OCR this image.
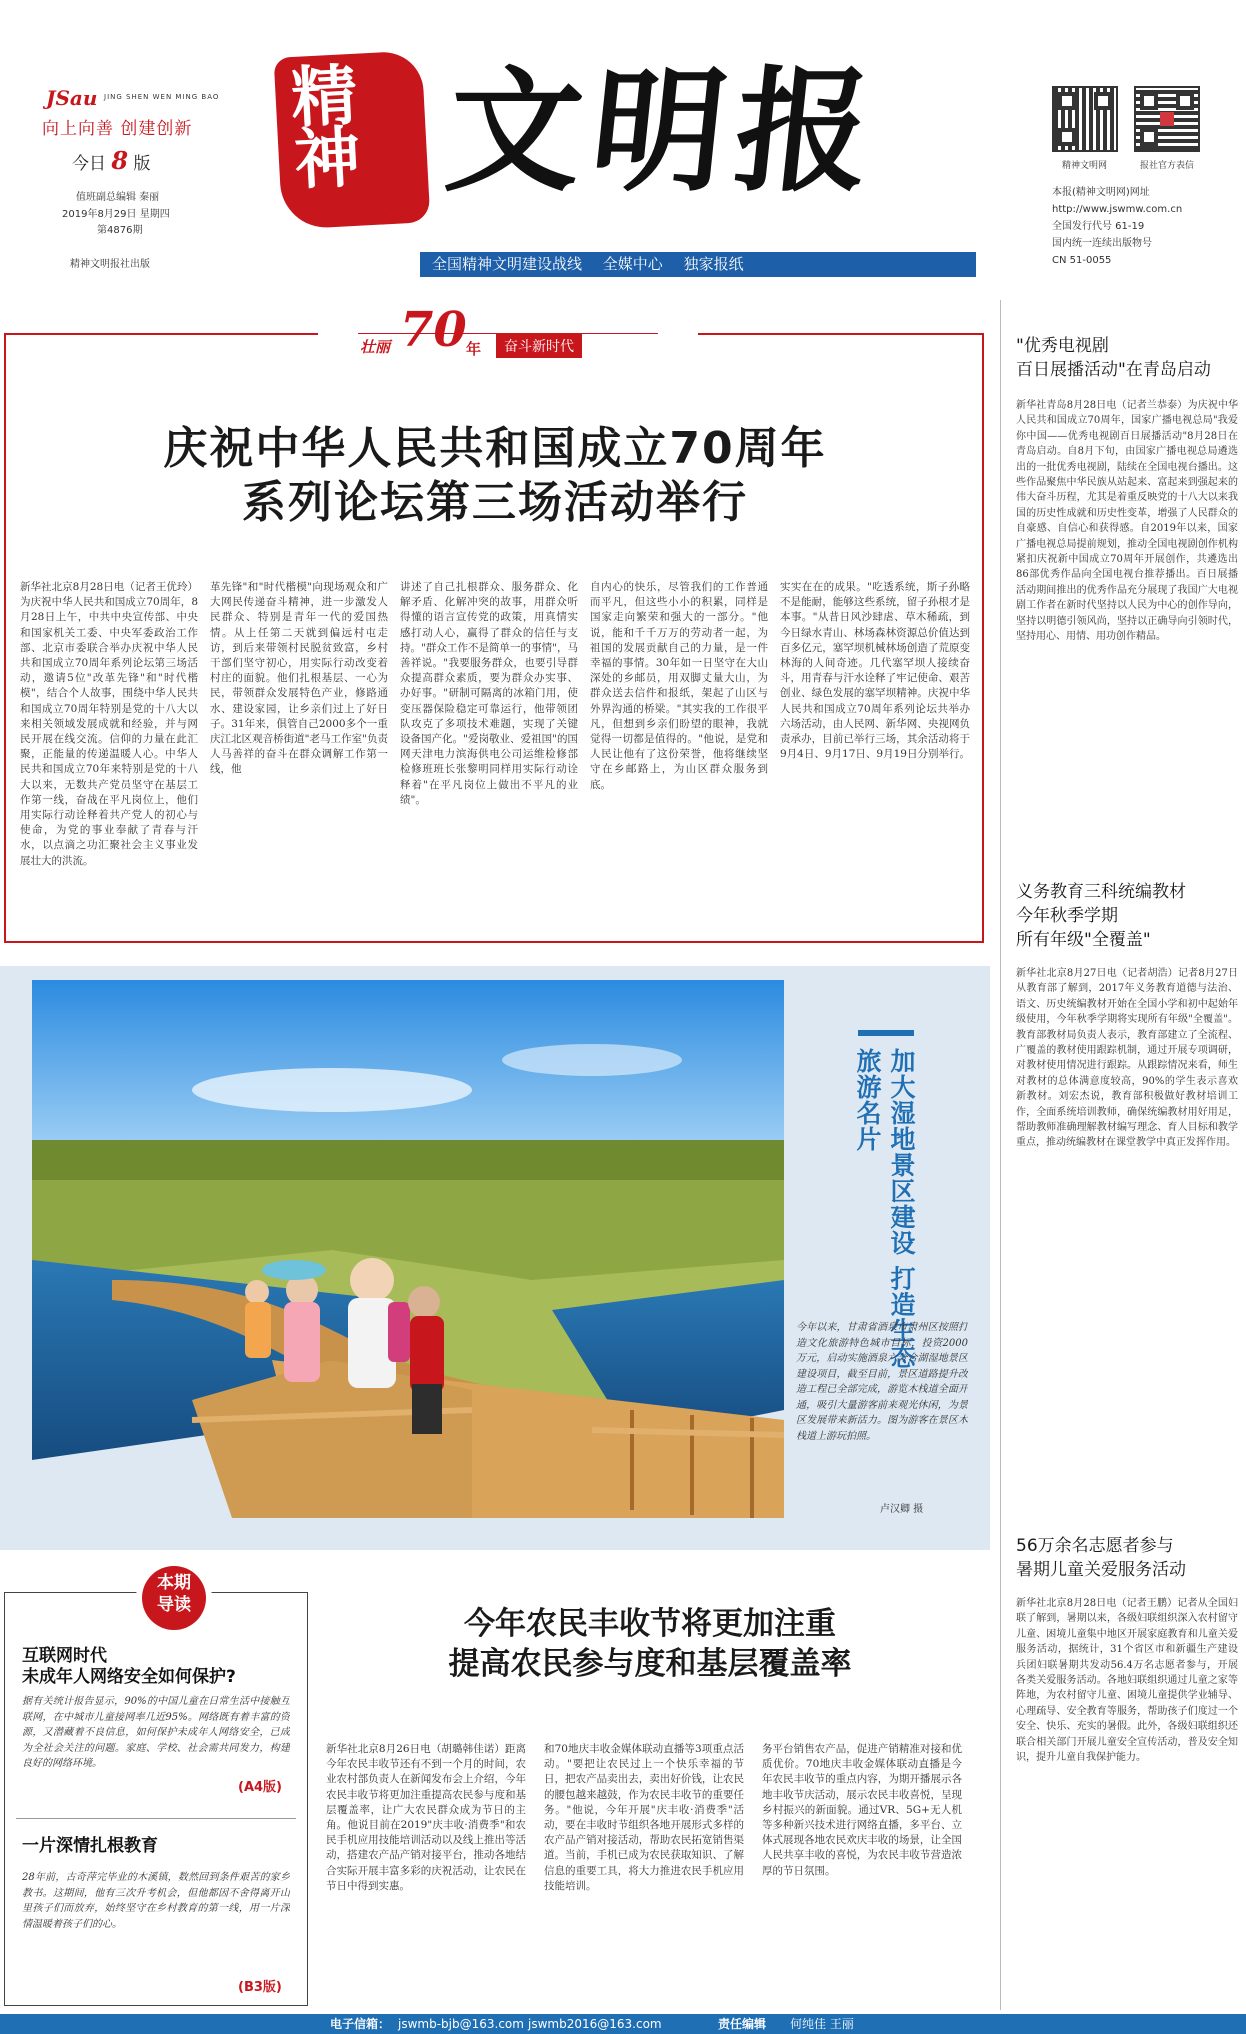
JSau JING SHEN WEN MING BAO
向上向善 创建创新
今日 8 版
值班副总编辑 秦丽
2019年8月29日 星期四
第4876期
精神文明报社出版
精神 文明报	精神文明网	报社官方表信
本报(精神文明网)网址
http://www.jswmw.com.cn
全国发行代号 61-19
国内统一连续出版物号
CN 51-0055
全国精神文明建设战线 全媒中心 独家报纸
壮丽 70 年	奋斗新时代
庆祝中华人民共和国成立70周年
系列论坛第三场活动举行
新华社北京8月28日电（记者王优玲）为庆祝中华人民共和国成立70周年，8月28日上午，中共中央宣传部、中央和国家机关工委、中央军委政治工作部、北京市委联合举办庆祝中华人民共和国成立70周年系列论坛第三场活动，邀请5位"改革先锋"和"时代楷模"，结合个人故事，围绕中华人民共和国成立70周年特别是党的十八大以来相关领域发展成就和经验，并与网民开展在线交流。信仰的力量在此汇聚，正能量的传递温暖人心。中华人民共和国成立70年来特别是党的十八大以来，无数共产党员坚守在基层工作第一线，奋战在平凡岗位上，他们用实际行动诠释着共产党人的初心与使命，为党的事业奉献了青春与汗水，以点滴之功汇聚社会主义事业发展壮大的洪流。
革先锋"和"时代楷模"向现场观众和广大网民传递奋斗精神，进一步激发人民群众、特别是青年一代的爱国热情。从上任第二天就到偏远村屯走访，到后来带领村民脱贫致富，乡村干部们坚守初心，用实际行动改变着村庄的面貌。他们扎根基层、一心为民，带领群众发展特色产业，修路通水、建设家园，让乡亲们过上了好日子。31年来，俱管自己2000多个一重庆江北区观音桥街道"老马工作室"负责人马善祥的奋斗在群众调解工作第一线，他
讲述了自己扎根群众、服务群众、化解矛盾、化解冲突的故事，用群众听得懂的语言宣传党的政策，用真情实感打动人心，赢得了群众的信任与支持。"群众工作不是简单一的事情"，马善祥说。"我要服务群众，也要引导群众提高群众素质，要为群众办实事、办好事。"研制可隔离的冰箱门用，使变压器保险稳定可靠运行，他带领团队攻克了多项技术难题，实现了关键设备国产化。"爱岗敬业、爱祖国"的国网天津电力滨海供电公司运维检修部检修班班长张黎明同样用实际行动诠释着"在平凡岗位上做出不平凡的业绩"。
自内心的快乐，尽管我们的工作普通而平凡，但这些小小的积累，同样是国家走向繁荣和强大的一部分。"他说，能和千千万万的劳动者一起，为祖国的发展贡献自己的力量，是一件幸福的事情。30年如一日坚守在大山深处的乡邮员，用双脚丈量大山，为群众送去信件和报纸，架起了山区与外界沟通的桥梁。"其实我的工作很平凡，但想到乡亲们盼望的眼神，我就觉得一切都是值得的。"他说，是党和人民让他有了这份荣誉，他将继续坚守在乡邮路上，为山区群众服务到底。
实实在在的成果。"吃透系统，斯子孙略不是能耐，能够这些系统，留子孙根才是本事。"从昔日风沙肆虐、草木稀疏，到今日绿水青山、林场森林资源总价值达到百多亿元，塞罕坝机械林场创造了荒原变林海的人间奇迹。几代塞罕坝人接续奋斗，用青春与汗水诠释了牢记使命、艰苦创业、绿色发展的塞罕坝精神。庆祝中华人民共和国成立70周年系列论坛共举办六场活动，由人民网、新华网、央视网负责承办，目前已举行三场，其余活动将于9月4日、9月17日、9月19日分别举行。
加大湿地景区建设 打造生态旅游名片
今年以来，甘肃省酒泉市肃州区按照打造文化旅游特色城市目标，投资2000万元，启动实施酒泉六分合湖湿地景区建设项目，截至目前，景区道路提升改造工程已全部完成，游览木栈道全面开通，吸引大量游客前来观光休闲，为景区发展带来新活力。图为游客在景区木栈道上游玩拍照。
卢汉卿 摄
本期
导读
互联网时代
未成年人网络安全如何保护?
据有关统计报告显示，90%的中国儿童在日常生活中接触互联网，在中城市儿童接网率几近95%。网络既有着丰富的资源，又潜藏着不良信息，如何保护未成年人网络安全，已成为全社会关注的问题。家庭、学校、社会需共同发力，构建良好的网络环境。
(A4版)
一片深情扎根教育
28年前，古奇萍完毕业的木溪镇，数然回到条件艰苦的家乡教书。这期间，他有三次升考机会，但他都因不舍得离开山里孩子们而放弃，始终坚守在乡村教育的第一线，用一片深情温暖着孩子们的心。
(B3版)
今年农民丰收节将更加注重
提高农民参与度和基层覆盖率
新华社北京8月26日电（胡璐韩佳诺）距离今年农民丰收节还有不到一个月的时间，农业农村部负责人在新闻发布会上介绍，今年农民丰收节将更加注重提高农民参与度和基层覆盖率，让广大农民群众成为节日的主角。他说目前在2019"庆丰收·消费季"和农民手机应用技能培训活动以及线上推出等活动，搭建农产品产销对接平台，推动各地结合实际开展丰富多彩的庆祝活动，让农民在节日中得到实惠。
和70地庆丰收金媒体联动直播等3项重点活动。"要把让农民过上一个快乐幸福的节日，把农产品卖出去，卖出好价钱，让农民的腰包越来越鼓，作为农民丰收节的重要任务。"他说，今年开展"庆丰收·消费季"活动，要在丰收时节组织各地开展形式多样的农产品产销对接活动，帮助农民拓宽销售渠道。当前，手机已成为农民获取知识、了解信息的重要工具，将大力推进农民手机应用技能培训。
务平台销售农产品，促进产销精准对接和优质优价。70地庆丰收金媒体联动直播是今年农民丰收节的重点内容，为期开播展示各地丰收节庆活动，展示农民丰收喜悦，呈现乡村振兴的新面貌。通过VR、5G+无人机等多种新兴技术进行网络直播，多平台、立体式展现各地农民欢庆丰收的场景，让全国人民共享丰收的喜悦，为农民丰收节营造浓厚的节日氛围。
"优秀电视剧
百日展播活动"在青岛启动
新华社青岛8月28日电（记者兰恭泰）为庆祝中华人民共和国成立70周年，国家广播电视总局"我爱你中国——优秀电视剧百日展播活动"8月28日在青岛启动。自8月下旬，由国家广播电视总局遴选出的一批优秀电视剧，陆续在全国电视台播出。这些作品聚焦中华民族从站起来、富起来到强起来的伟大奋斗历程，尤其是着重反映党的十八大以来我国的历史性成就和历史性变革，增强了人民群众的自豪感、自信心和获得感。自2019年以来，国家广播电视总局提前规划，推动全国电视剧创作机构紧扣庆祝新中国成立70周年开展创作，共遴选出86部优秀作品向全国电视台推荐播出。百日展播活动期间推出的优秀作品充分展现了我国广大电视剧工作者在新时代坚持以人民为中心的创作导向，坚持以明德引领风尚，坚持以正确导向引领时代，坚持用心、用情、用功创作精品。
义务教育三科统编教材
今年秋季学期
所有年级"全覆盖"
新华社北京8月27日电（记者胡浩）记者8月27日从教育部了解到，2017年义务教育道德与法治、语文、历史统编教材开始在全国小学和初中起始年级使用，今年秋季学期将实现所有年级"全覆盖"。教育部教材局负责人表示，教育部建立了全流程、广覆盖的教材使用跟踪机制，通过开展专项调研，对教材使用情况进行跟踪。从跟踪情况来看，师生对教材的总体满意度较高，90%的学生表示喜欢新教材。刘宏杰说，教育部积极做好教材培训工作，全面系统培训教师，确保统编教材用好用足，帮助教师准确理解教材编写理念、育人目标和教学重点，推动统编教材在课堂教学中真正发挥作用。
56万余名志愿者参与
暑期儿童关爱服务活动
新华社北京8月28日电（记者王鹏）记者从全国妇联了解到，暑期以来，各级妇联组织深入农村留守儿童、困境儿童集中地区开展家庭教育和儿童关爱服务活动，据统计，31个省区市和新疆生产建设兵团妇联暑期共发动56.4万名志愿者参与，开展各类关爱服务活动。各地妇联组织通过儿童之家等阵地，为农村留守儿童、困境儿童提供学业辅导、心理疏导、安全教育等服务，帮助孩子们度过一个安全、快乐、充实的暑假。此外，各级妇联组织还联合相关部门开展儿童安全宣传活动，普及安全知识，提升儿童自我保护能力。
电子信箱： jswmb-bjb@163.com jswmb2016@163.com	责任编辑 何纯佳 王丽
